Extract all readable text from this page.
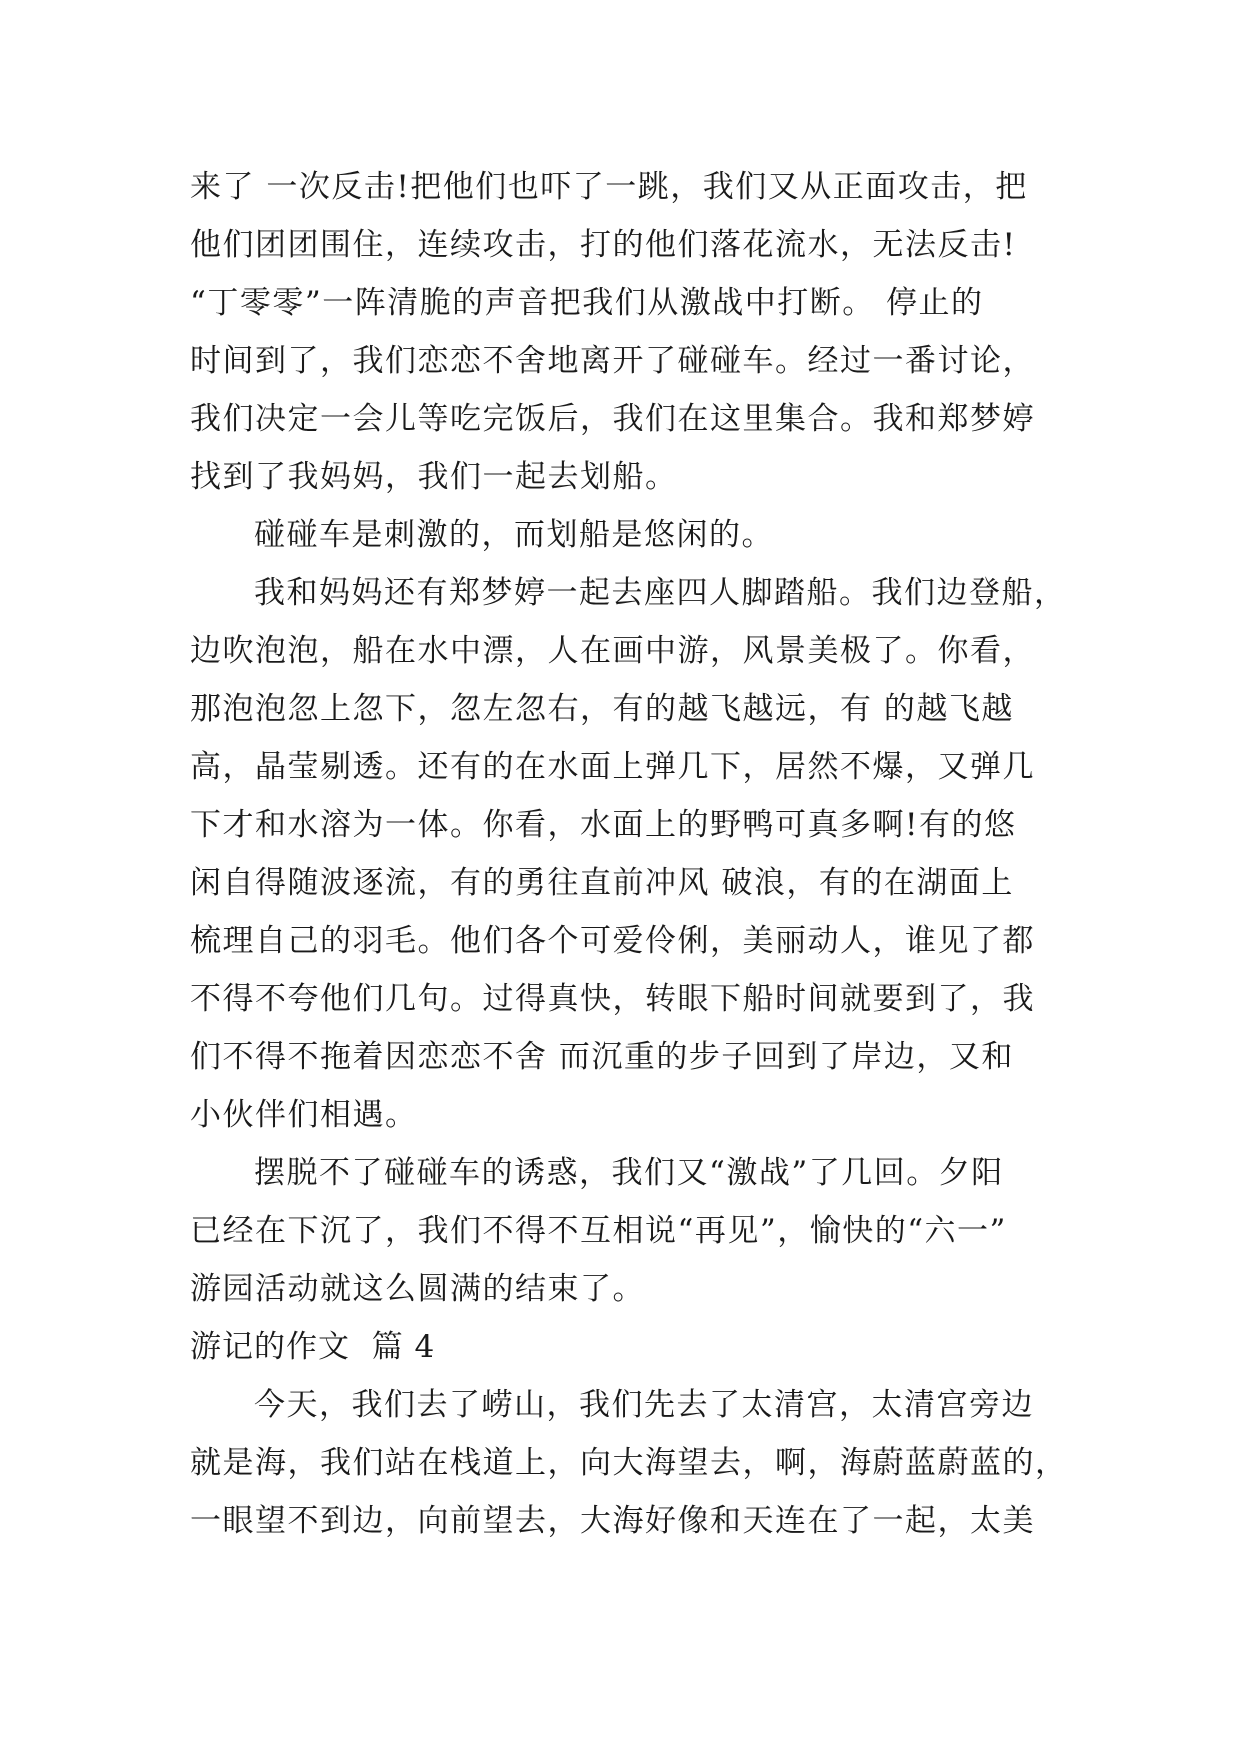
来了 一次反击!把他们也吓了一跳，我们又从正面攻击，把
他们团团围住，连续攻击，打的他们落花流水，无法反击!
“丁零零”一阵清脆的声音把我们从激战中打断。 停止的
时间到了，我们恋恋不舍地离开了碰碰车。经过一番讨论，
我们决定一会儿等吃完饭后，我们在这里集合。我和郑梦婷
找到了我妈妈，我们一起去划船。
碰碰车是刺激的，而划船是悠闲的。
我和妈妈还有郑梦婷一起去座四人脚踏船。我们边登船，
边吹泡泡，船在水中漂，人在画中游，风景美极了。你看，
那泡泡忽上忽下，忽左忽右，有的越飞越远，有 的越飞越
高，晶莹剔透。还有的在水面上弹几下，居然不爆，又弹几
下才和水溶为一体。你看，水面上的野鸭可真多啊!有的悠
闲自得随波逐流，有的勇往直前冲风 破浪，有的在湖面上
梳理自己的羽毛。他们各个可爱伶俐，美丽动人，谁见了都
不得不夸他们几句。过得真快，转眼下船时间就要到了，我
们不得不拖着因恋恋不舍 而沉重的步子回到了岸边，又和
小伙伴们相遇。
摆脱不了碰碰车的诱惑，我们又“激战”了几回。夕阳
已经在下沉了，我们不得不互相说“再见”，愉快的“六一”
游园活动就这么圆满的结束了。
游记的作文  篇 4
今天，我们去了崂山，我们先去了太清宫，太清宫旁边
就是海，我们站在栈道上，向大海望去，啊，海蔚蓝蔚蓝的，
一眼望不到边，向前望去，大海好像和天连在了一起，太美
